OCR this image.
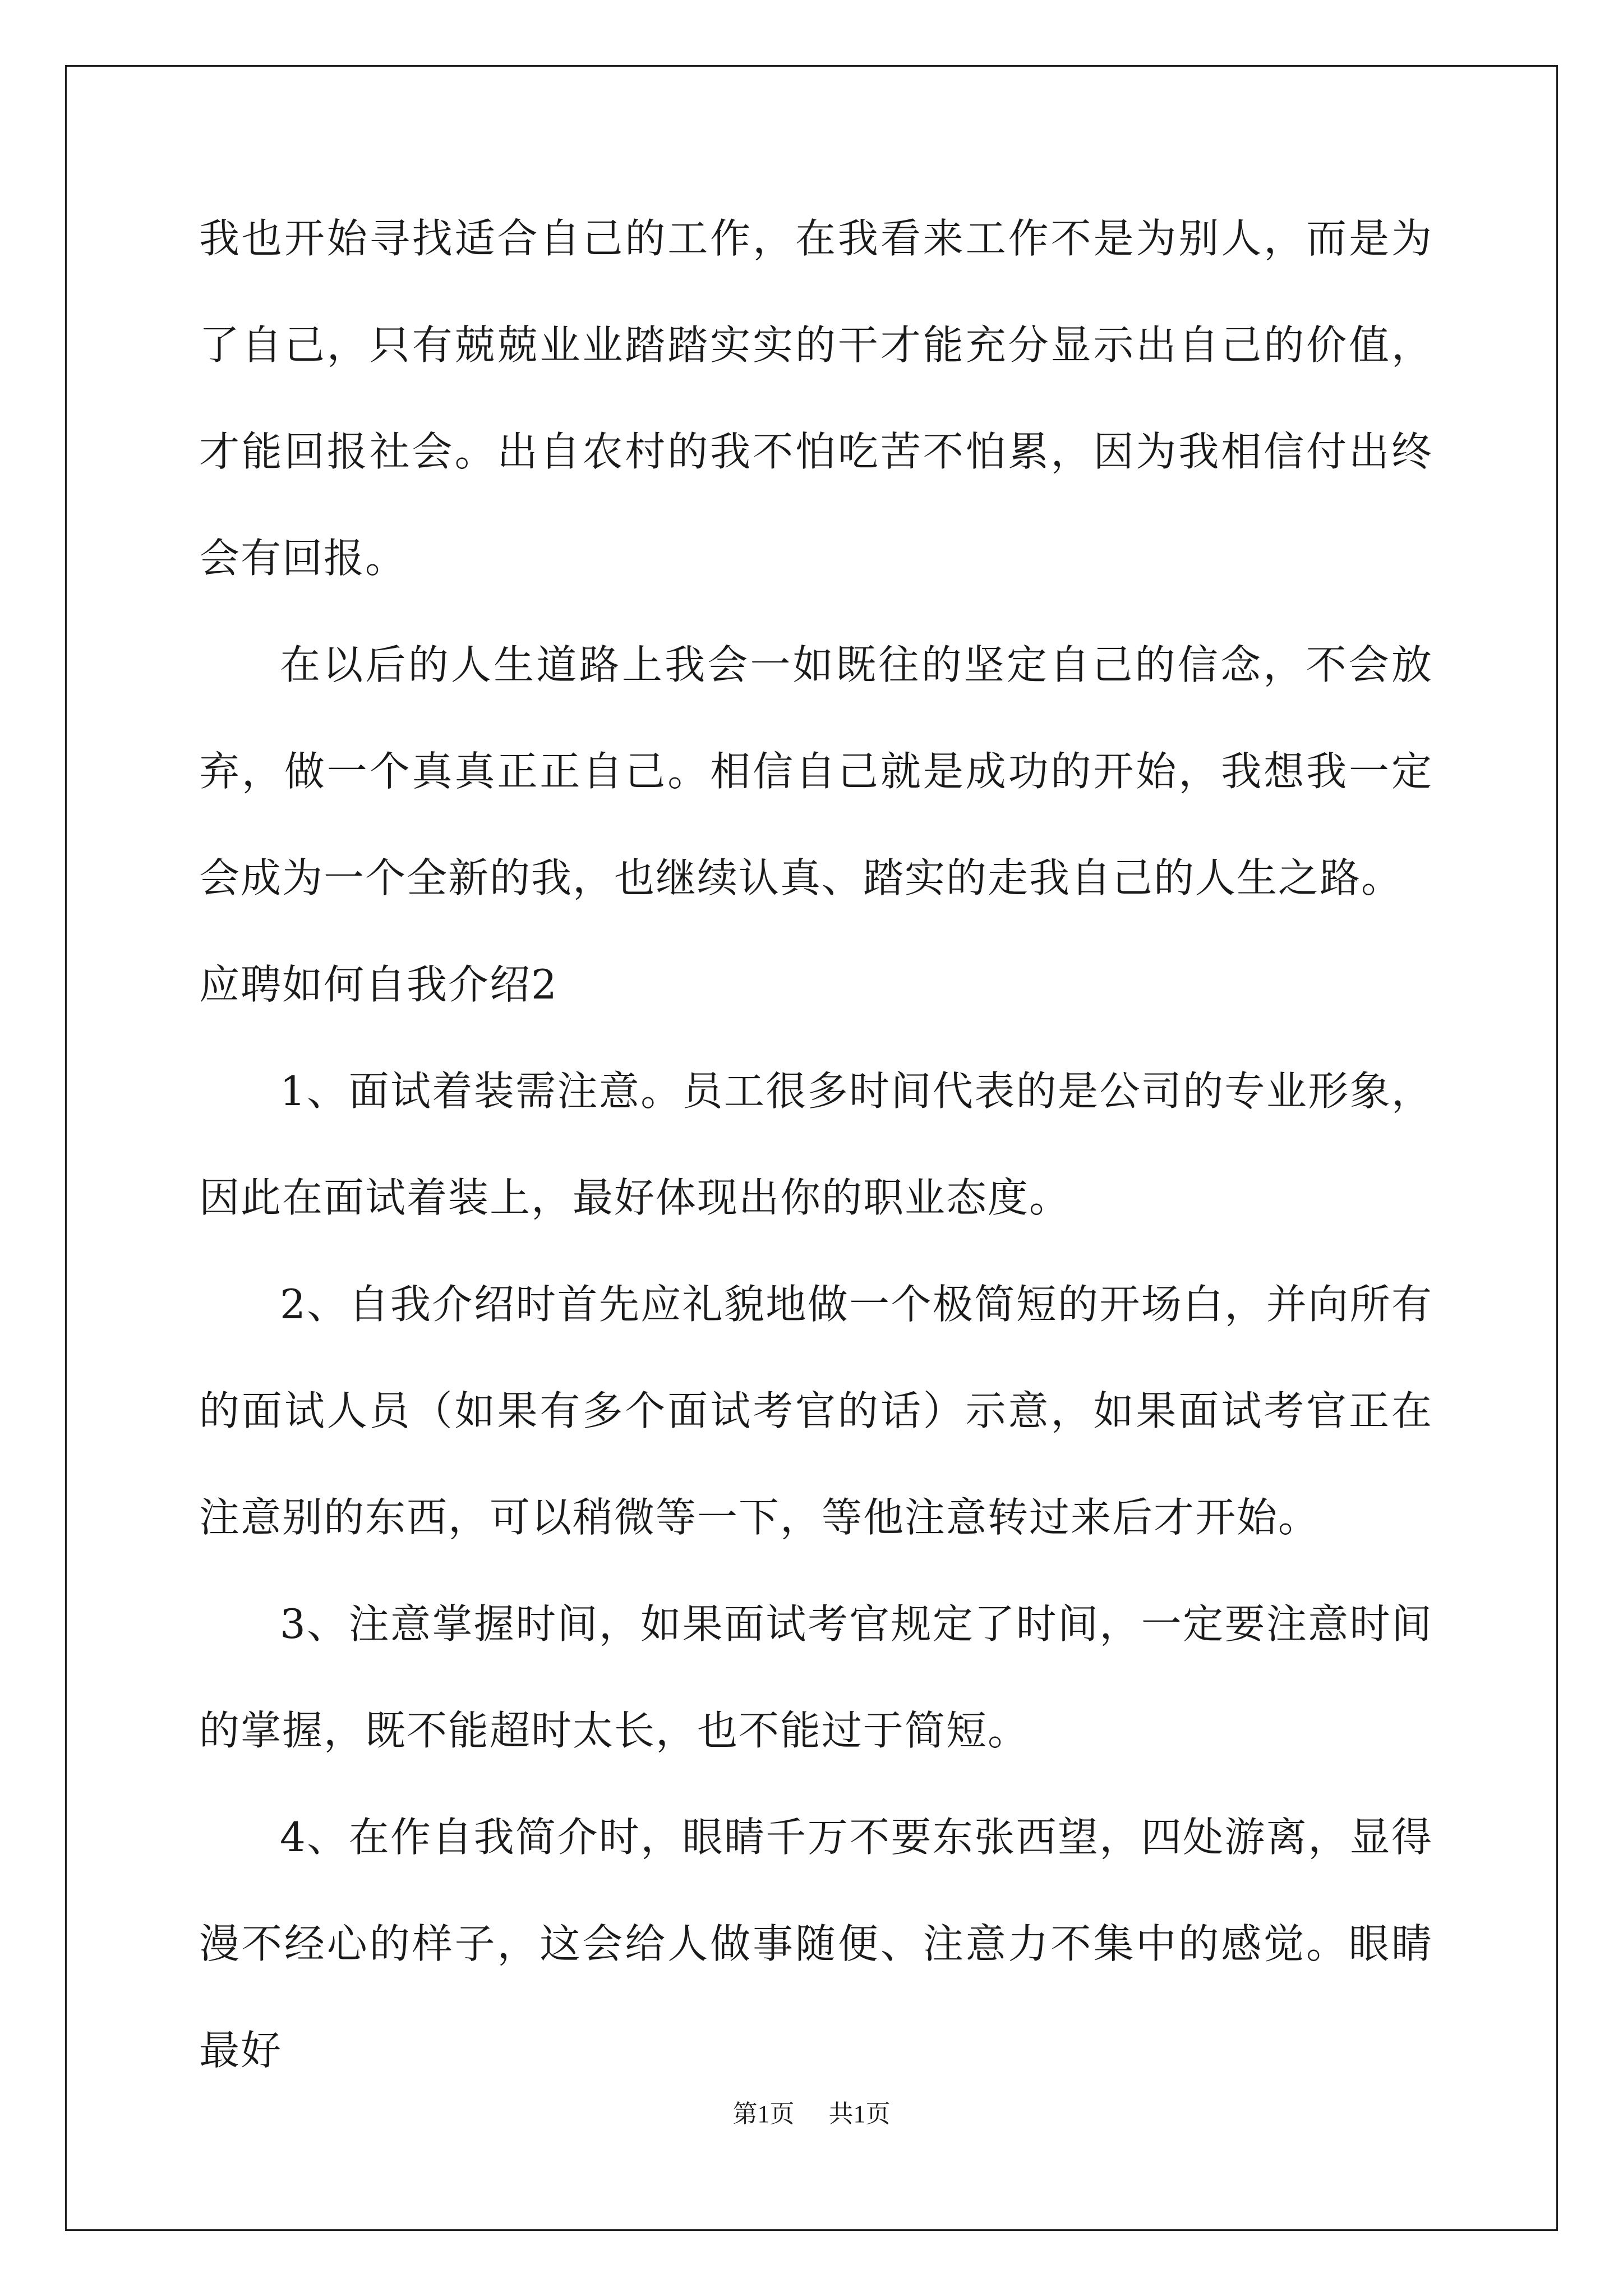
我也开始寻找适合自己的工作，在我看来工作不是为别人，而是为了自己，只有兢兢业业踏踏实实的干才能充分显示出自己的价值，才能回报社会。出自农村的我不怕吃苦不怕累，因为我相信付出终会有回报。

在以后的人生道路上我会一如既往的坚定自己的信念，不会放弃，做一个真真正正自己。相信自己就是成功的开始，我想我一定会成为一个全新的我，也继续认真、踏实的走我自己的人生之路。

应聘如何自我介绍2

1、面试着装需注意。员工很多时间代表的是公司的专业形象，因此在面试着装上，最好体现出你的职业态度。

2、自我介绍时首先应礼貌地做一个极简短的开场白，并向所有的面试人员（如果有多个面试考官的话）示意，如果面试考官正在注意别的东西，可以稍微等一下，等他注意转过来后才开始。

3、注意掌握时间，如果面试考官规定了时间，一定要注意时间的掌握，既不能超时太长，也不能过于简短。

4、在作自我简介时，眼睛千万不要东张西望，四处游离，显得漫不经心的样子，这会给人做事随便、注意力不集中的感觉。眼睛最好

第1页 共1页
